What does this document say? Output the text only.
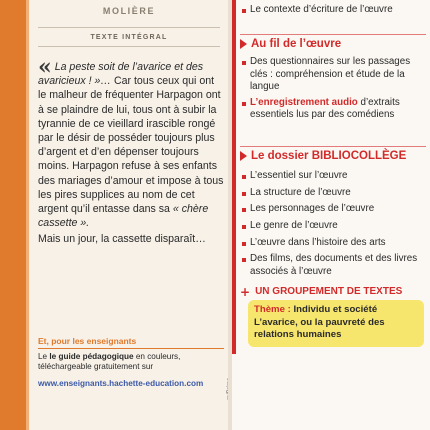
MOLIÈRE
TEXTE INTÉGRAL

« La peste soit de l’avarice et des avaricieux ! »… Car tous ceux qui ont le malheur de fréquenter Harpagon ont à se plaindre de lui, tous ont à subir la tyrannie de ce vieillard irascible rongé par le désir de posséder toujours plus d’argent et d’en dépenser toujours moins. Harpagon refuse à ses enfants des mariages d’amour et impose à tous les pires supplices au nom de cet argent qu’il entasse dans sa « chère cassette ».

Mais un jour, la cassette disparaît…

Et, pour les enseignants
Le le guide pédagogique en couleurs, téléchargeable gratuitement sur
www.enseignants.hachette-education.com
Le contexte d’écriture de l’œuvre
Au fil de l’œuvre
Des questionnaires sur les passages clés : compréhension et étude de la langue
L’enregistrement audio d’extraits essentiels lus par des comédiens
Le dossier BIBLIOCOLLÈGE
L’essentiel sur l’œuvre
La structure de l’œuvre
Les personnages de l’œuvre
Le genre de l’œuvre
L’œuvre dans l’histoire des arts
Des films, des documents et des livres associés à l’œuvre
+ UN GROUPEMENT DE TEXTES
Thème : Individu et société
L’avarice, ou la pauvreté des relations humaines
